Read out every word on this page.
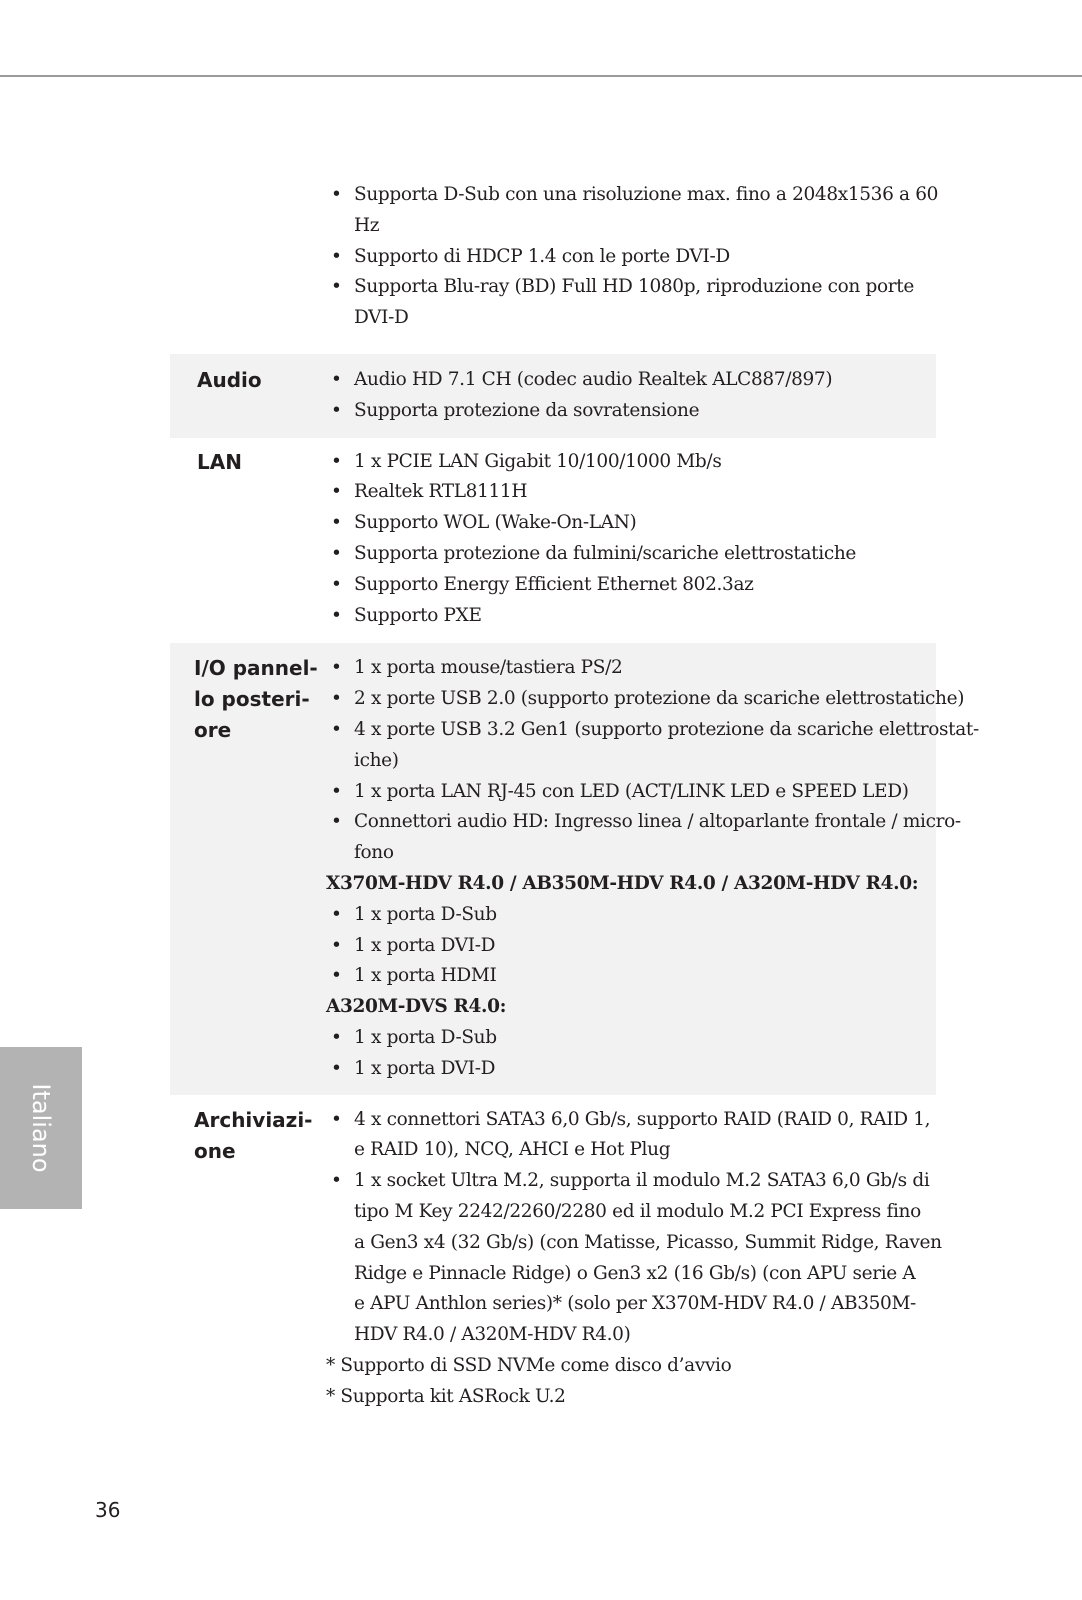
• Supporta D-Sub con una risoluzione max. fino a 2048x1536 a 60
Hz
• Supporto di HDCP 1.4 con le porte DVI-D
• Supporta Blu-ray (BD) Full HD 1080p, riproduzione con porte
DVI-D
Audio	• Audio HD 7.1 CH (codec audio Realtek ALC887/897)
• Supporta protezione da sovratensione
LAN	• 1 x PCIE LAN Gigabit 10/100/1000 Mb/s
• Realtek RTL8111H
• Supporto WOL (Wake-On-LAN)
• Supporta protezione da fulmini/scariche elettrostatiche
• Supporto Energy Efficient Ethernet 802.3az
• Supporto PXE
I/O pannel-
lo posteri-
ore
• 1 x porta mouse/tastiera PS/2
• 2 x porte USB 2.0 (supporto protezione da scariche elettrostatiche)
• 4 x porte USB 3.2 Gen1 (supporto protezione da scariche elettrostat-
iche)
• 1 x porta LAN RJ-45 con LED (ACT/LINK LED e SPEED LED)
• Connettori audio HD: Ingresso linea / altoparlante frontale / micro-
fono
X370M-HDV R4.0 / AB350M-HDV R4.0 / A320M-HDV R4.0:
• 1 x porta D-Sub
• 1 x porta DVI-D
• 1 x porta HDMI
A320M-DVS R4.0:
• 1 x porta D-Sub
• 1 x porta DVI-D
Archiviazi-
one
• 4 x connettori SATA3 6,0 Gb/s, supporto RAID (RAID 0, RAID 1,
e RAID 10), NCQ, AHCI e Hot Plug
• 1 x socket Ultra M.2, supporta il modulo M.2 SATA3 6,0 Gb/s di
tipo M Key 2242/2260/2280 ed il modulo M.2 PCI Express fino
a Gen3 x4 (32 Gb/s) (con Matisse, Picasso, Summit Ridge, Raven
Ridge e Pinnacle Ridge) o Gen3 x2 (16 Gb/s) (con APU serie A
e APU Anthlon series)* (solo per X370M-HDV R4.0 / AB350M-
HDV R4.0 / A320M-HDV R4.0)
* Supporto di SSD NVMe come disco d’avvio
* Supporta kit ASRock U.2
Italiano
36
